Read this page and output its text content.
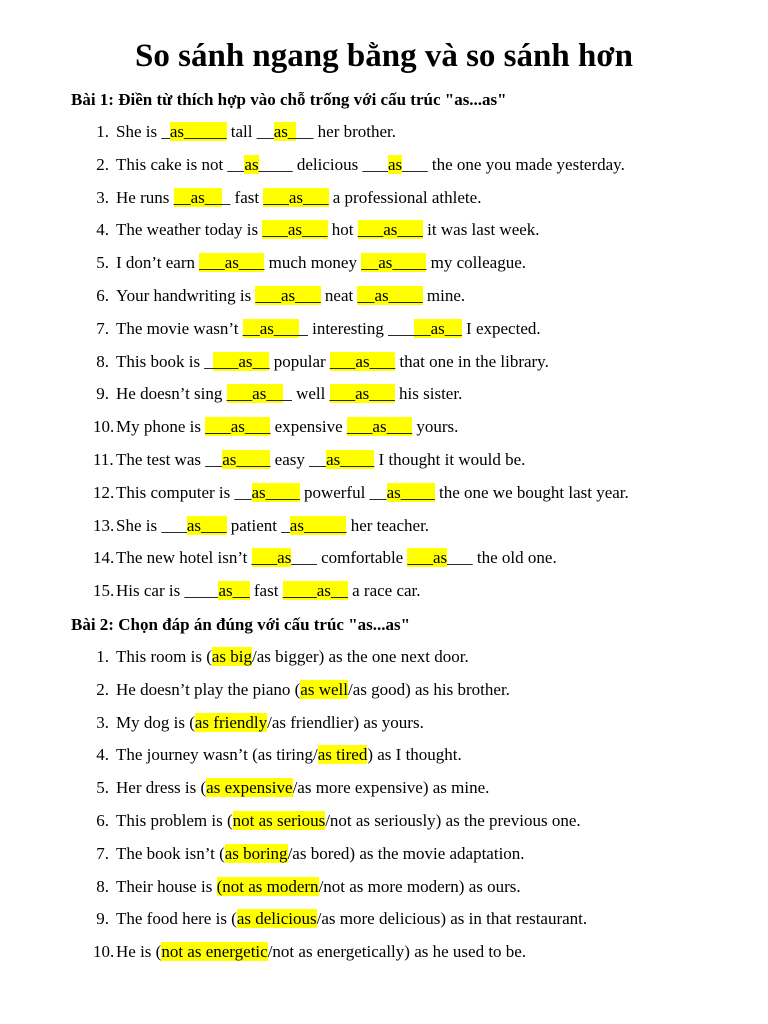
So sánh ngang bằng và so sánh hơn
Bài 1: Điền từ thích hợp vào chỗ trống với cấu trúc "as...as"
1. She is _as_____ tall __as___ her brother.
2. This cake is not __as____ delicious ___as___ the one you made yesterday.
3. He runs __as___ fast ___as___ a professional athlete.
4. The weather today is ___as___ hot ___as___ it was last week.
5. I don’t earn ___as___ much money __as____ my colleague.
6. Your handwriting is ___as___ neat __as____ mine.
7. The movie wasn’t __as____ interesting _____as__ I expected.
8. This book is ____as__ popular ___as___ that one in the library.
9. He doesn’t sing ___as___ well ___as___ his sister.
10. My phone is ___as___ expensive ___as___ yours.
11. The test was __as____ easy __as____ I thought it would be.
12. This computer is __as____ powerful __as____ the one we bought last year.
13. She is ___as___ patient _as_____ her teacher.
14. The new hotel isn’t ___as___ comfortable ___as___ the old one.
15. His car is ____as__ fast ____as__ a race car.
Bài 2: Chọn đáp án đúng với cấu trúc "as...as"
1. This room is (as big/as bigger) as the one next door.
2. He doesn’t play the piano (as well/as good) as his brother.
3. My dog is (as friendly/as friendlier) as yours.
4. The journey wasn’t (as tiring/as tired) as I thought.
5. Her dress is (as expensive/as more expensive) as mine.
6. This problem is (not as serious/not as seriously) as the previous one.
7. The book isn’t (as boring/as bored) as the movie adaptation.
8. Their house is (not as modern/not as more modern) as ours.
9. The food here is (as delicious/as more delicious) as in that restaurant.
10. He is (not as energetic/not as energetically) as he used to be.
